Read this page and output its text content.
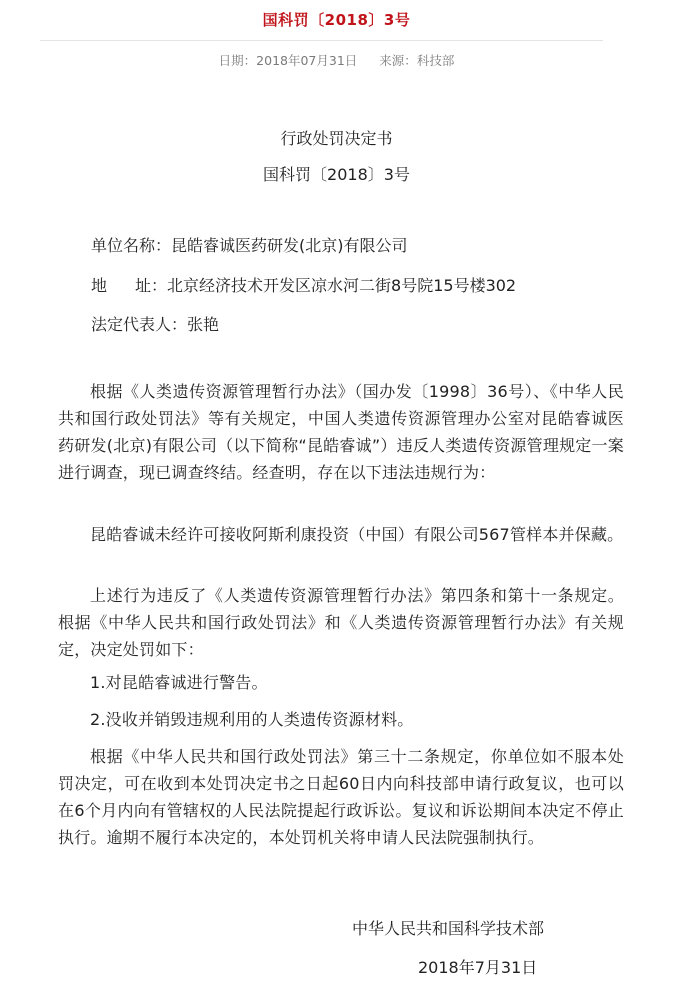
国科罚〔2018〕3号
日期：2018年07月31日 来源：科技部
行政处罚决定书
国科罚〔2018〕3号
单位名称：昆皓睿诚医药研发(北京)有限公司
地 址：北京经济技术开发区凉水河二街8号院15号楼302
法定代表人：张艳
根据《人类遗传资源管理暂行办法》（国办发〔1998〕36号）、《中华人民共和国行政处罚法》等有关规定，中国人类遗传资源管理办公室对昆皓睿诚医药研发(北京)有限公司（以下简称“昆皓睿诚”）违反人类遗传资源管理规定一案进行调查，现已调查终结。经查明，存在以下违法违规行为：
昆皓睿诚未经许可接收阿斯利康投资（中国）有限公司567管样本并保藏。
上述行为违反了《人类遗传资源管理暂行办法》第四条和第十一条规定。根据《中华人民共和国行政处罚法》和《人类遗传资源管理暂行办法》有关规定，决定处罚如下：
1.对昆皓睿诚进行警告。
2.没收并销毁违规利用的人类遗传资源材料。
根据《中华人民共和国行政处罚法》第三十二条规定，你单位如不服本处罚决定，可在收到本处罚决定书之日起60日内向科技部申请行政复议，也可以在6个月内向有管辖权的人民法院提起行政诉讼。复议和诉讼期间本决定不停止执行。逾期不履行本决定的，本处罚机关将申请人民法院强制执行。
中华人民共和国科学技术部
2018年7月31日
